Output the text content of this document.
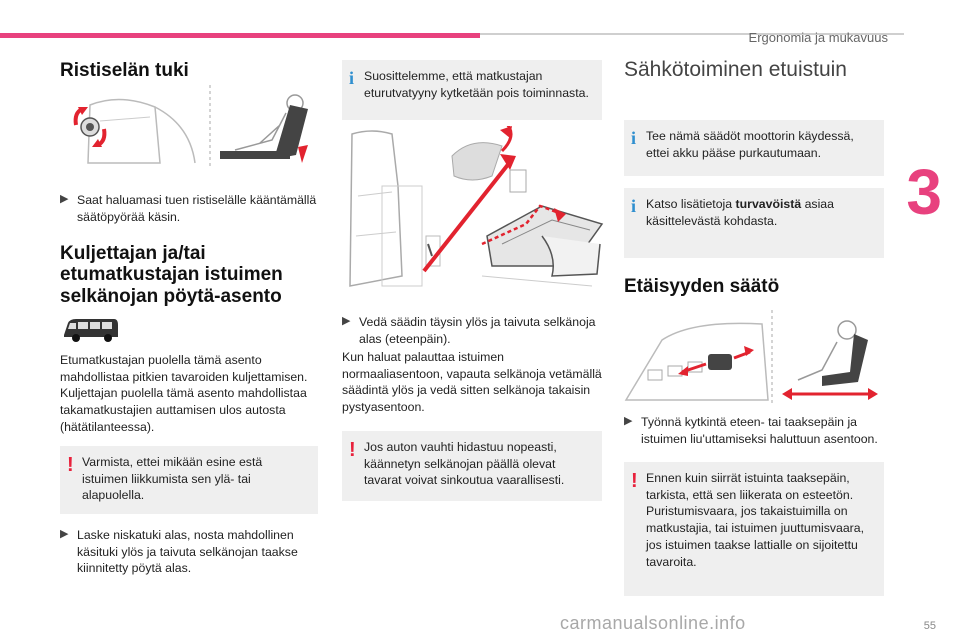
Ergonomia ja mukavuus
3
Ristiselän tuki
▶ Saat haluamasi tuen ristiselälle kääntämällä säätöpyörää käsin.
Kuljettajan ja/tai etumatkustajan istuimen selkänojan pöytä-asento
Etumatkustajan puolella tämä asento mahdollistaa pitkien tavaroiden kuljettamisen. Kuljettajan puolella tämä asento mahdollistaa takamatkustajien auttamisen ulos autosta (hätätilanteessa).
! Varmista, ettei mikään esine estä istuimen liikkumista sen ylä- tai alapuolella.
▶ Laske niskatuki alas, nosta mahdollinen käsituki ylös ja taivuta selkänojan taakse kiinnitetty pöytä alas.
i Suosittelemme, että matkustajan eturutvatyyny kytketään pois toiminnasta.
▶ Vedä säädin täysin ylös ja taivuta selkänoja alas (eteenpäin).
Kun haluat palauttaa istuimen normaaliasentoon, vapauta selkänoja vetämällä säädintä ylös ja vedä sitten selkänoja takaisin pystyasentoon.
! Jos auton vauhti hidastuu nopeasti, käännetyn selkänojan päällä olevat tavarat voivat sinkoutua vaarallisesti.
Sähkötoiminen etuistuin
i Tee nämä säädöt moottorin käydessä, ettei akku pääse purkautumaan.
i Katso lisätietoja turvavöistä asiaa käsittelevästä kohdasta.
Etäisyyden säätö
▶ Työnnä kytkintä eteen- tai taaksepäin ja istuimen liu'uttamiseksi haluttuun asentoon.
! Ennen kuin siirrät istuinta taaksepäin, tarkista, että sen liikerata on esteetön. Puristumisvaara, jos takaistuimilla on matkustajia, tai istuimen juuttumisvaara, jos istuimen taakse lattialle on sijoitettu tavaroita.
carmanualsonline.info	55
